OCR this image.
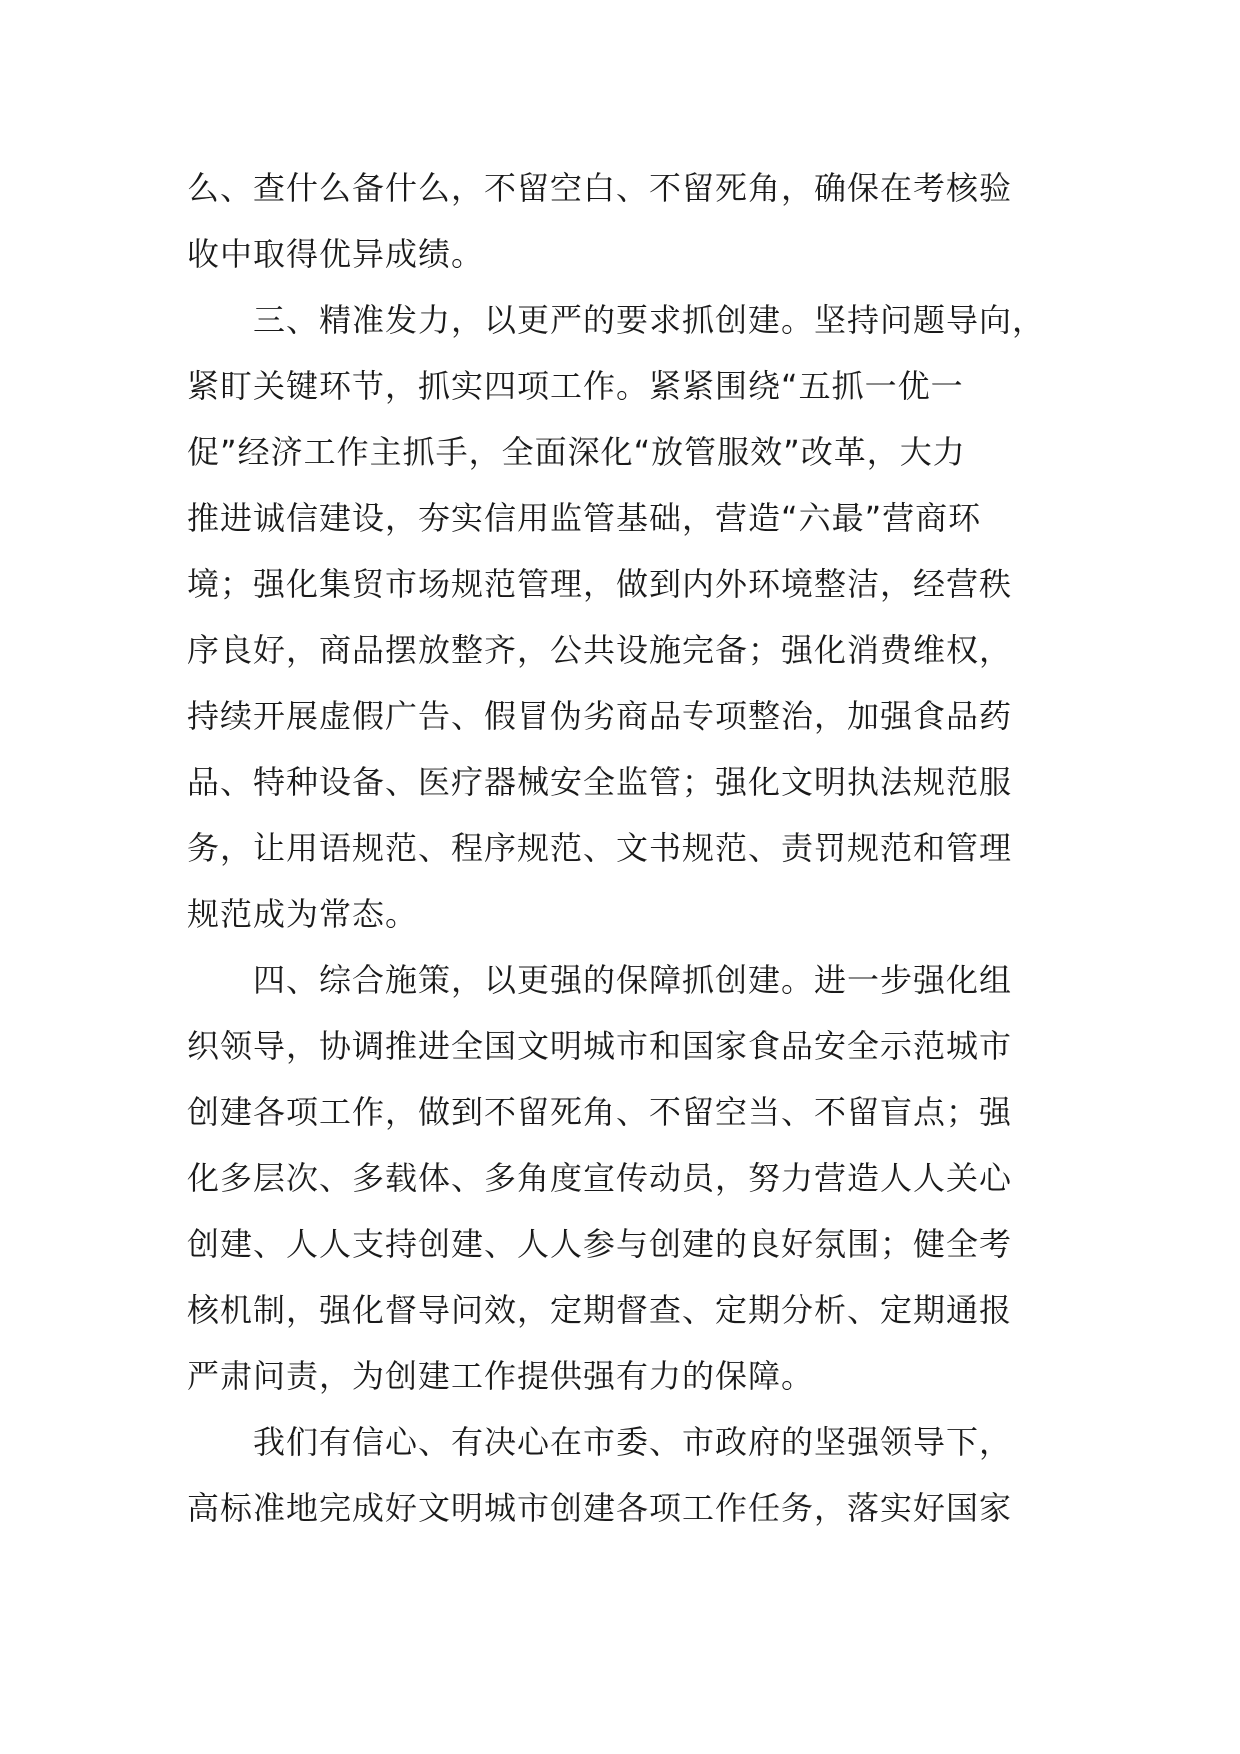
么、查什么备什么，不留空白、不留死角，确保在考核验
收中取得优异成绩。
三、精准发力，以更严的要求抓创建。坚持问题导向，
紧盯关键环节，抓实四项工作。紧紧围绕“五抓一优一
促”经济工作主抓手，全面深化“放管服效”改革，大力
推进诚信建设，夯实信用监管基础，营造“六最”营商环
境；强化集贸市场规范管理，做到内外环境整洁，经营秩
序良好，商品摆放整齐，公共设施完备；强化消费维权，
持续开展虚假广告、假冒伪劣商品专项整治，加强食品药
品、特种设备、医疗器械安全监管；强化文明执法规范服
务，让用语规范、程序规范、文书规范、责罚规范和管理
规范成为常态。
四、综合施策，以更强的保障抓创建。进一步强化组
织领导，协调推进全国文明城市和国家食品安全示范城市
创建各项工作，做到不留死角、不留空当、不留盲点；强
化多层次、多载体、多角度宣传动员，努力营造人人关心
创建、人人支持创建、人人参与创建的良好氛围；健全考
核机制，强化督导问效，定期督查、定期分析、定期通报
严肃问责，为创建工作提供强有力的保障。
我们有信心、有决心在市委、市政府的坚强领导下，
高标准地完成好文明城市创建各项工作任务，落实好国家
